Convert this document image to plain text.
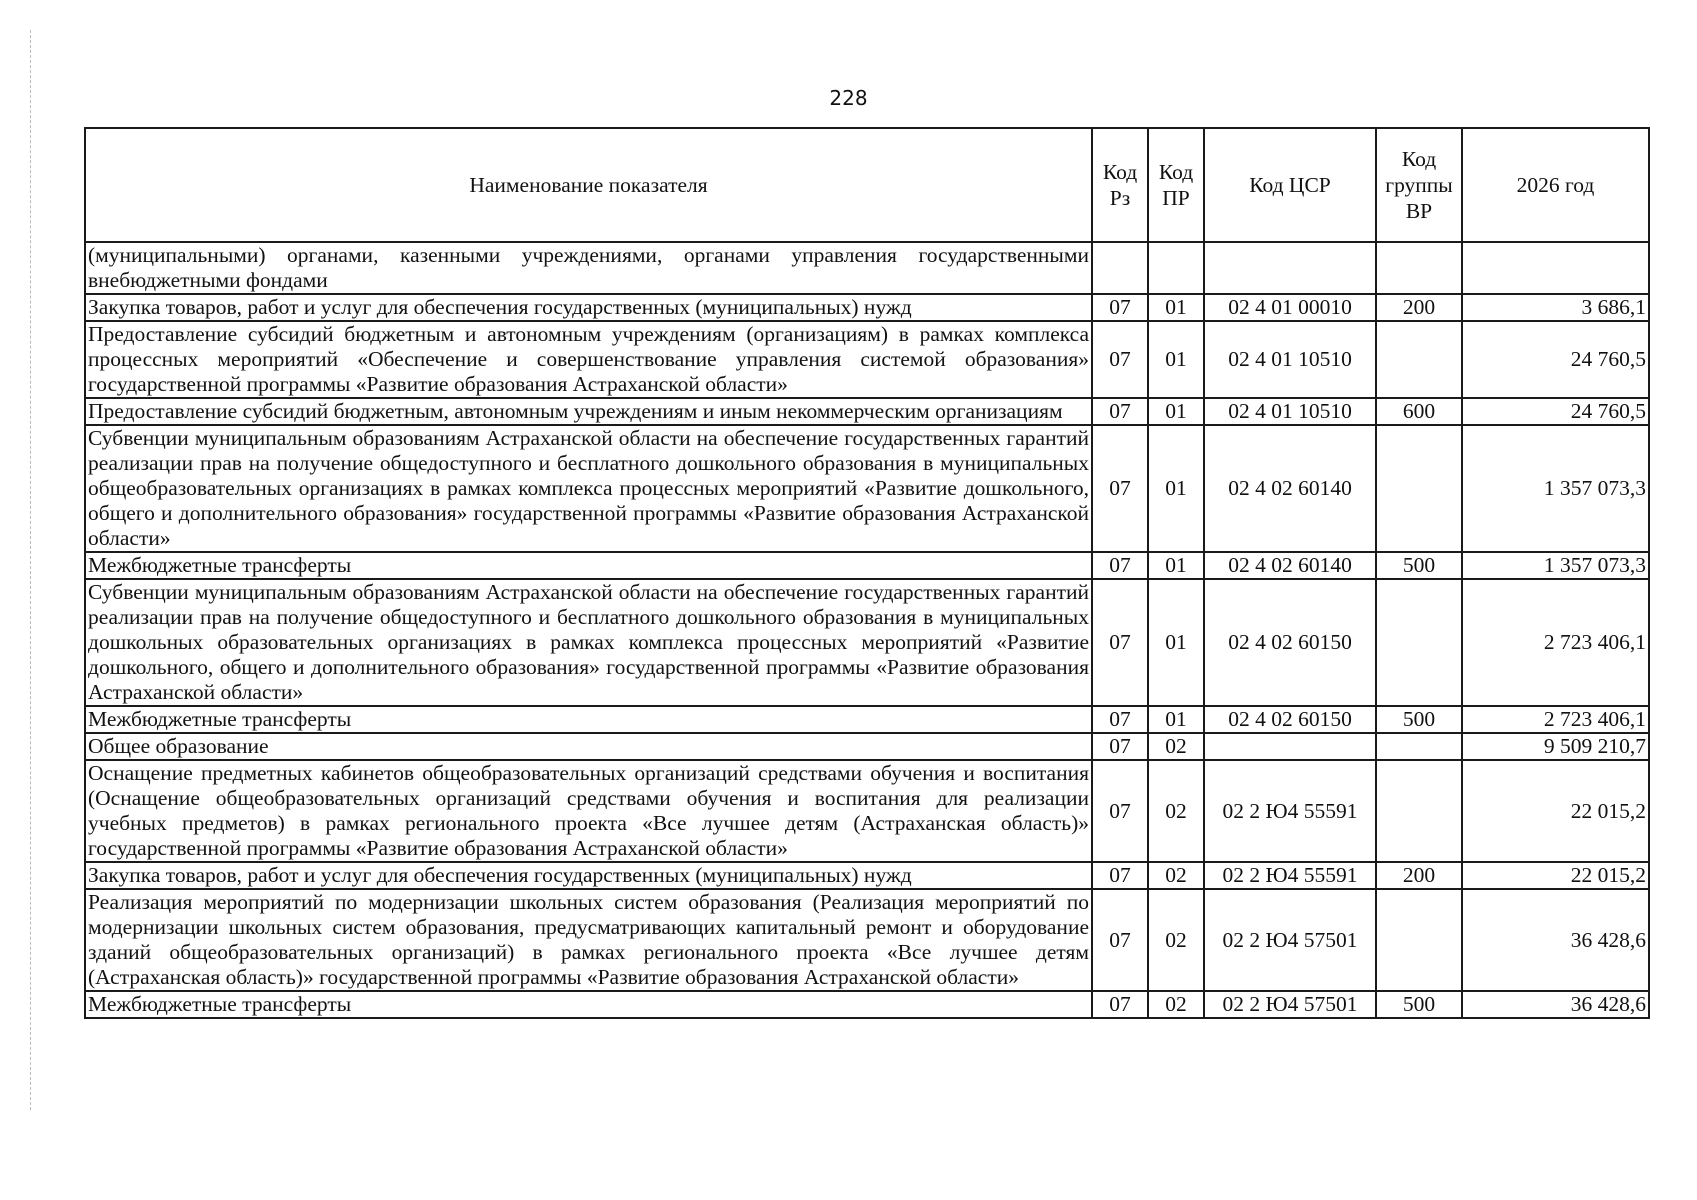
228
Наименование показателя	Код Рз	Код ПР	Код ЦСР	Код группы ВР	2026 год
(муниципальными) органами, казенными учреждениями, органами управления государственными внебюджетными фондами					
Закупка товаров, работ и услуг для обеспечения государственных (муниципальных) нужд	07	01	02 4 01 00010	200	3 686,1
Предоставление субсидий бюджетным и автономным учреждениям (организациям) в рамках комплекса процессных мероприятий «Обеспечение и совершенствование управления системой образования» государственной программы «Развитие образования Астраханской области»	07	01	02 4 01 10510		24 760,5
Предоставление субсидий бюджетным, автономным учреждениям и иным некоммерческим организациям	07	01	02 4 01 10510	600	24 760,5
Субвенции муниципальным образованиям Астраханской области на обеспечение государственных гарантий реализации прав на получение общедоступного и бесплатного дошкольного образования в муниципальных общеобразовательных организациях в рамках комплекса процессных мероприятий «Развитие дошкольного, общего и дополнительного образования» государственной программы «Развитие образования Астраханской области»	07	01	02 4 02 60140		1 357 073,3
Межбюджетные трансферты	07	01	02 4 02 60140	500	1 357 073,3
Субвенции муниципальным образованиям Астраханской области на обеспечение государственных гарантий реализации прав на получение общедоступного и бесплатного дошкольного образования в муниципальных дошкольных образовательных организациях в рамках комплекса процессных мероприятий «Развитие дошкольного, общего и дополнительного образования» государственной программы «Развитие образования Астраханской области»	07	01	02 4 02 60150		2 723 406,1
Межбюджетные трансферты	07	01	02 4 02 60150	500	2 723 406,1
Общее образование	07	02			9 509 210,7
Оснащение предметных кабинетов общеобразовательных организаций средствами обучения и воспитания (Оснащение общеобразовательных организаций средствами обучения и воспитания для реализации учебных предметов) в рамках регионального проекта «Все лучшее детям (Астраханская область)» государственной программы «Развитие образования Астраханской области»	07	02	02 2 Ю4 55591		22 015,2
Закупка товаров, работ и услуг для обеспечения государственных (муниципальных) нужд	07	02	02 2 Ю4 55591	200	22 015,2
Реализация мероприятий по модернизации школьных систем образования (Реализация мероприятий по модернизации школьных систем образования, предусматривающих капитальный ремонт и оборудование зданий общеобразовательных организаций) в рамках регионального проекта «Все лучшее детям (Астраханская область)» государственной программы «Развитие образования Астраханской области»	07	02	02 2 Ю4 57501		36 428,6
Межбюджетные трансферты	07	02	02 2 Ю4 57501	500	36 428,6
